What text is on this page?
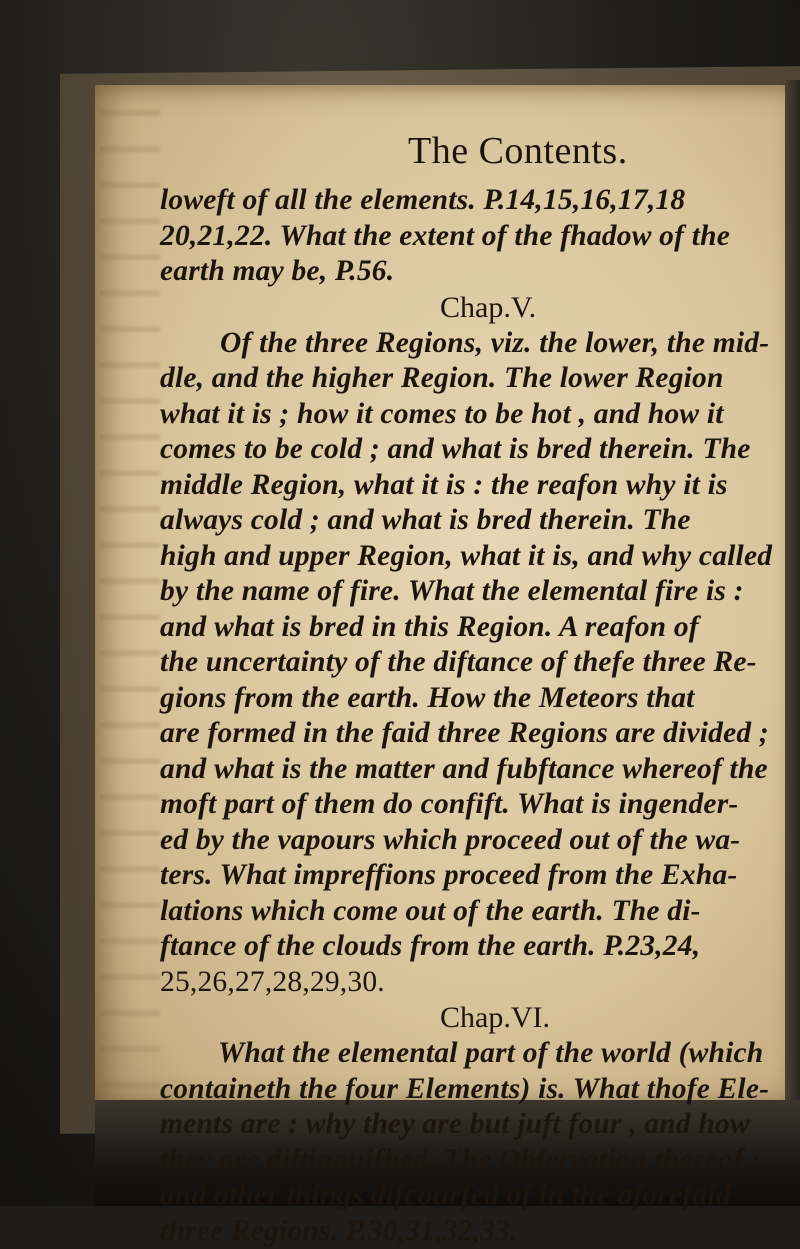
The Contents.
loweft of all the elements. P.14,15,16,17,18
20,21,22. What the extent of the fhadow of the
earth may be, P.56.
Chap.V.
Of the three Regions, viz. the lower, the mid-
dle, and the higher Region. The lower Region
what it is ; how it comes to be hot , and how it
comes to be cold ; and what is bred therein. The
middle Region, what it is : the reafon why it is
always cold ; and what is bred therein. The
high and upper Region, what it is, and why called
by the name of fire. What the elemental fire is :
and what is bred in this Region. A reafon of
the uncertainty of the diftance of thefe three Re-
gions from the earth. How the Meteors that
are formed in the faid three Regions are divided ;
and what is the matter and fubftance whereof the
moft part of them do confift. What is ingender-
ed by the vapours which proceed out of the wa-
ters. What impreffions proceed from the Exha-
lations which come out of the earth. The di-
ftance of the clouds from the earth. P.23,24,
25,26,27,28,29,30.
Chap.VI.
What the elemental part of the world (which
containeth the four Elements) is. What thofe Ele-
ments are : why they are but juft four , and how
they are diftinguifhed. The Obfervation thereof ;
and other things difcourfed of in the aforefaid
three Regions. P.30,31,32,33.
